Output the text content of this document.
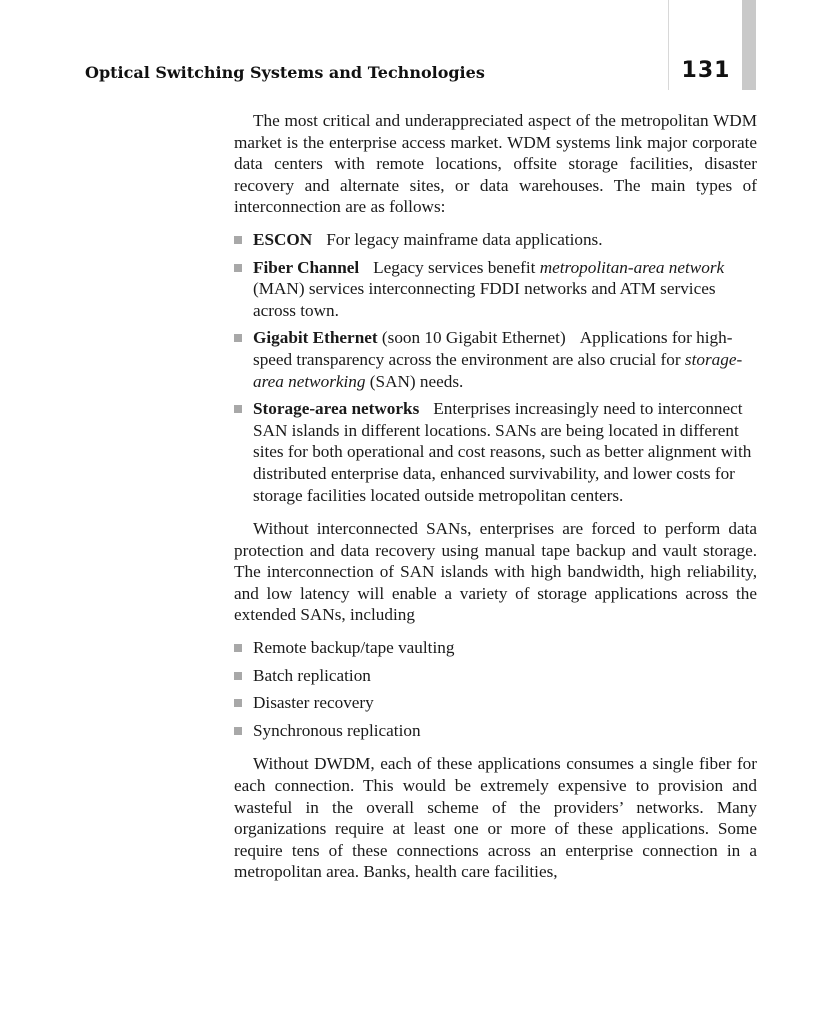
Optical Switching Systems and Technologies	131

The most critical and underappreciated aspect of the metropolitan WDM market is the enterprise access market. WDM systems link major corporate data centers with remote locations, offsite storage facilities, disaster recovery and alternate sites, or data warehouses. The main types of interconnection are as follows:

ESCON For legacy mainframe data applications.
Fiber Channel Legacy services benefit metropolitan-area network (MAN) services interconnecting FDDI networks and ATM services across town.
Gigabit Ethernet (soon 10 Gigabit Ethernet) Applications for high-speed transparency across the environment are also crucial for storage-area networking (SAN) needs.
Storage-area networks Enterprises increasingly need to interconnect SAN islands in different locations. SANs are being located in different sites for both operational and cost reasons, such as better alignment with distributed enterprise data, enhanced survivability, and lower costs for storage facilities located outside metropolitan centers.

Without interconnected SANs, enterprises are forced to perform data protection and data recovery using manual tape backup and vault storage. The interconnection of SAN islands with high bandwidth, high reliability, and low latency will enable a variety of storage applications across the extended SANs, including

Remote backup/tape vaulting
Batch replication
Disaster recovery
Synchronous replication

Without DWDM, each of these applications consumes a single fiber for each connection. This would be extremely expensive to provision and wasteful in the overall scheme of the providers’ networks. Many organizations require at least one or more of these applications. Some require tens of these connections across an enterprise connection in a metropolitan area. Banks, health care facilities,
